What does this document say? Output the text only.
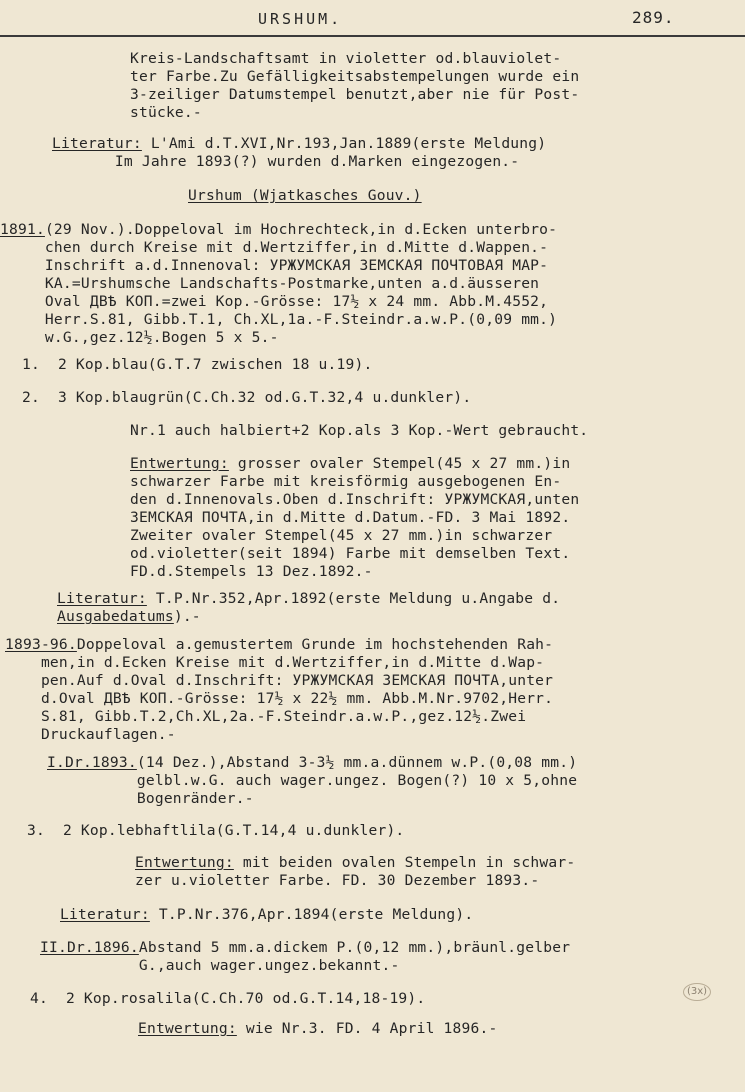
URSHUM.	289.
Kreis-Landschaftsamt in violetter od.blauviolet-
ter Farbe.Zu Gefälligkeitsabstempelungen wurde ein
3-zeiliger Datumstempel benutzt,aber nie für Post-
stücke.-
Literatur: L'Ami d.T.XVI,Nr.193,Jan.1889(erste Meldung)
Im Jahre 1893(?) wurden d.Marken eingezogen.-
Urshum (Wjatkasches Gouv.)
1891.(29 Nov.).Doppeloval im Hochrechteck,in d.Ecken unterbro-
chen durch Kreise mit d.Wertziffer,in d.Mitte d.Wappen.-
Inschrift a.d.Innenoval: УРЖУМСКАЯ ЗЕМСКАЯ ПОЧТОВАЯ МАР-
КА.=Urshumsche Landschafts-Postmarke,unten a.d.äusseren
Oval ДВѢ КОП.=zwei Kop.-Grösse: 17½ x 24 mm. Abb.M.4552,
Herr.S.81, Gibb.T.1, Ch.XL,1a.-F.Steindr.a.w.P.(0,09 mm.)
w.G.,gez.12½.Bogen 5 x 5.-
1.  2 Kop.blau(G.T.7 zwischen 18 u.19).
2.  3 Kop.blaugrün(C.Ch.32 od.G.T.32,4 u.dunkler).
Nr.1 auch halbiert+2 Kop.als 3 Kop.-Wert gebraucht.
Entwertung: grosser ovaler Stempel(45 x 27 mm.)in
schwarzer Farbe mit kreisförmig ausgebogenen En-
den d.Innenovals.Oben d.Inschrift: УРЖУМСКАЯ,unten
ЗЕМСКАЯ ПОЧТА,in d.Mitte d.Datum.-FD. 3 Mai 1892.
Zweiter ovaler Stempel(45 x 27 mm.)in schwarzer
od.violetter(seit 1894) Farbe mit demselben Text.
FD.d.Stempels 13 Dez.1892.-
Literatur: T.P.Nr.352,Apr.1892(erste Meldung u.Angabe d.
Ausgabedatums).-
1893-96.Doppeloval a.gemustertem Grunde im hochstehenden Rah-
men,in d.Ecken Kreise mit d.Wertziffer,in d.Mitte d.Wap-
pen.Auf d.Oval d.Inschrift: УРЖУМСКАЯ ЗЕМСКАЯ ПОЧТА,unter
d.Oval ДВѢ КОП.-Grösse: 17½ x 22½ mm. Abb.M.Nr.9702,Herr.
S.81, Gibb.T.2,Ch.XL,2a.-F.Steindr.a.w.P.,gez.12½.Zwei
Druckauflagen.-
I.Dr.1893.(14 Dez.),Abstand 3-3½ mm.a.dünnem w.P.(0,08 mm.)
gelbl.w.G. auch wager.ungez. Bogen(?) 10 x 5,ohne
Bogenränder.-
3.  2 Kop.lebhaftlila(G.T.14,4 u.dunkler).
Entwertung: mit beiden ovalen Stempeln in schwar-
zer u.violetter Farbe. FD. 30 Dezember 1893.-
Literatur: T.P.Nr.376,Apr.1894(erste Meldung).
II.Dr.1896.Abstand 5 mm.a.dickem P.(0,12 mm.),bräunl.gelber
G.,auch wager.ungez.bekannt.-
4.  2 Kop.rosalila(C.Ch.70 od.G.T.14,18-19).
Entwertung: wie Nr.3. FD. 4 April 1896.-
(3x)
